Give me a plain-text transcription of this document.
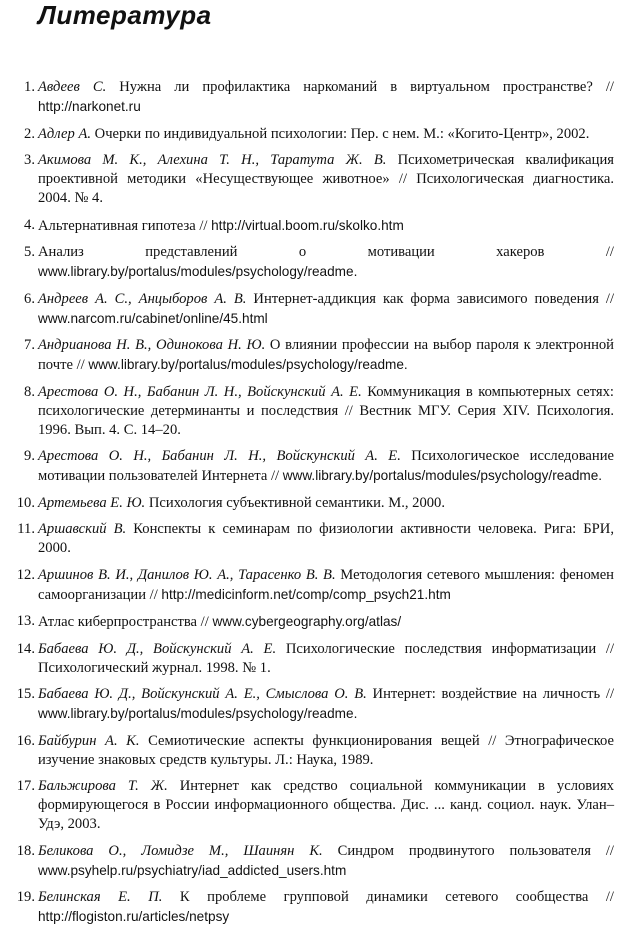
Литература
1. Авдеев С. Нужна ли профилактика наркоманий в виртуальном пространстве? // http://narkonet.ru
2. Адлер А. Очерки по индивидуальной психологии: Пер. с нем. М.: «Когито-Центр», 2002.
3. Акимова М. К., Алехина Т. Н., Таратута Ж. В. Психометрическая квалификация проективной методики «Несуществующее животное» // Психологическая диагностика. 2004. № 4.
4. Альтернативная гипотеза // http://virtual.boom.ru/skolko.htm
5. Анализ представлений о мотивации хакеров // www.library.by/portalus/modules/psychology/readme.
6. Андреев А. С., Анцыборов А. В. Интернет-аддикция как форма зависимого поведения // www.narcom.ru/cabinet/online/45.html
7. Андрианова Н. В., Одинокова Н. Ю. О влиянии профессии на выбор пароля к электронной почте // www.library.by/portalus/modules/psychology/readme.
8. Арестова О. Н., Бабанин Л. Н., Войскунский А. Е. Коммуникация в компьютерных сетях: психологические детерминанты и последствия // Вестник МГУ. Серия XIV. Психология. 1996. Вып. 4. С. 14–20.
9. Арестова О. Н., Бабанин Л. Н., Войскунский А. Е. Психологическое исследование мотивации пользователей Интернета // www.library.by/portalus/modules/psychology/readme.
10. Артемьева Е. Ю. Психология субъективной семантики. М., 2000.
11. Аршавский В. Конспекты к семинарам по физиологии активности человека. Рига: БРИ, 2000.
12. Аршинов В. И., Данилов Ю. А., Тарасенко В. В. Методология сетевого мышления: феномен самоорганизации // http://medicinform.net/comp/comp_psych21.htm
13. Атлас киберпространства // www.cybergeography.org/atlas/
14. Бабаева Ю. Д., Войскунский А. Е. Психологические последствия информатизации // Психологический журнал. 1998. № 1.
15. Бабаева Ю. Д., Войскунский А. Е., Смыслова О. В. Интернет: воздействие на личность // www.library.by/portalus/modules/psychology/readme.
16. Байбурин А. К. Семиотические аспекты функционирования вещей // Этнографическое изучение знаковых средств культуры. Л.: Наука, 1989.
17. Бальжирова Т. Ж. Интернет как средство социальной коммуникации в условиях формирующегося в России информационного общества. Дис. ... канд. социол. наук. Улан–Удэ, 2003.
18. Беликова О., Ломидзе М., Шаинян К. Синдром продвинутого пользователя // www.psyhelp.ru/psychiatry/iad_addicted_users.htm
19. Белинская Е. П. К проблеме групповой динамики сетевого сообщества // http://flogiston.ru/articles/netpsy
